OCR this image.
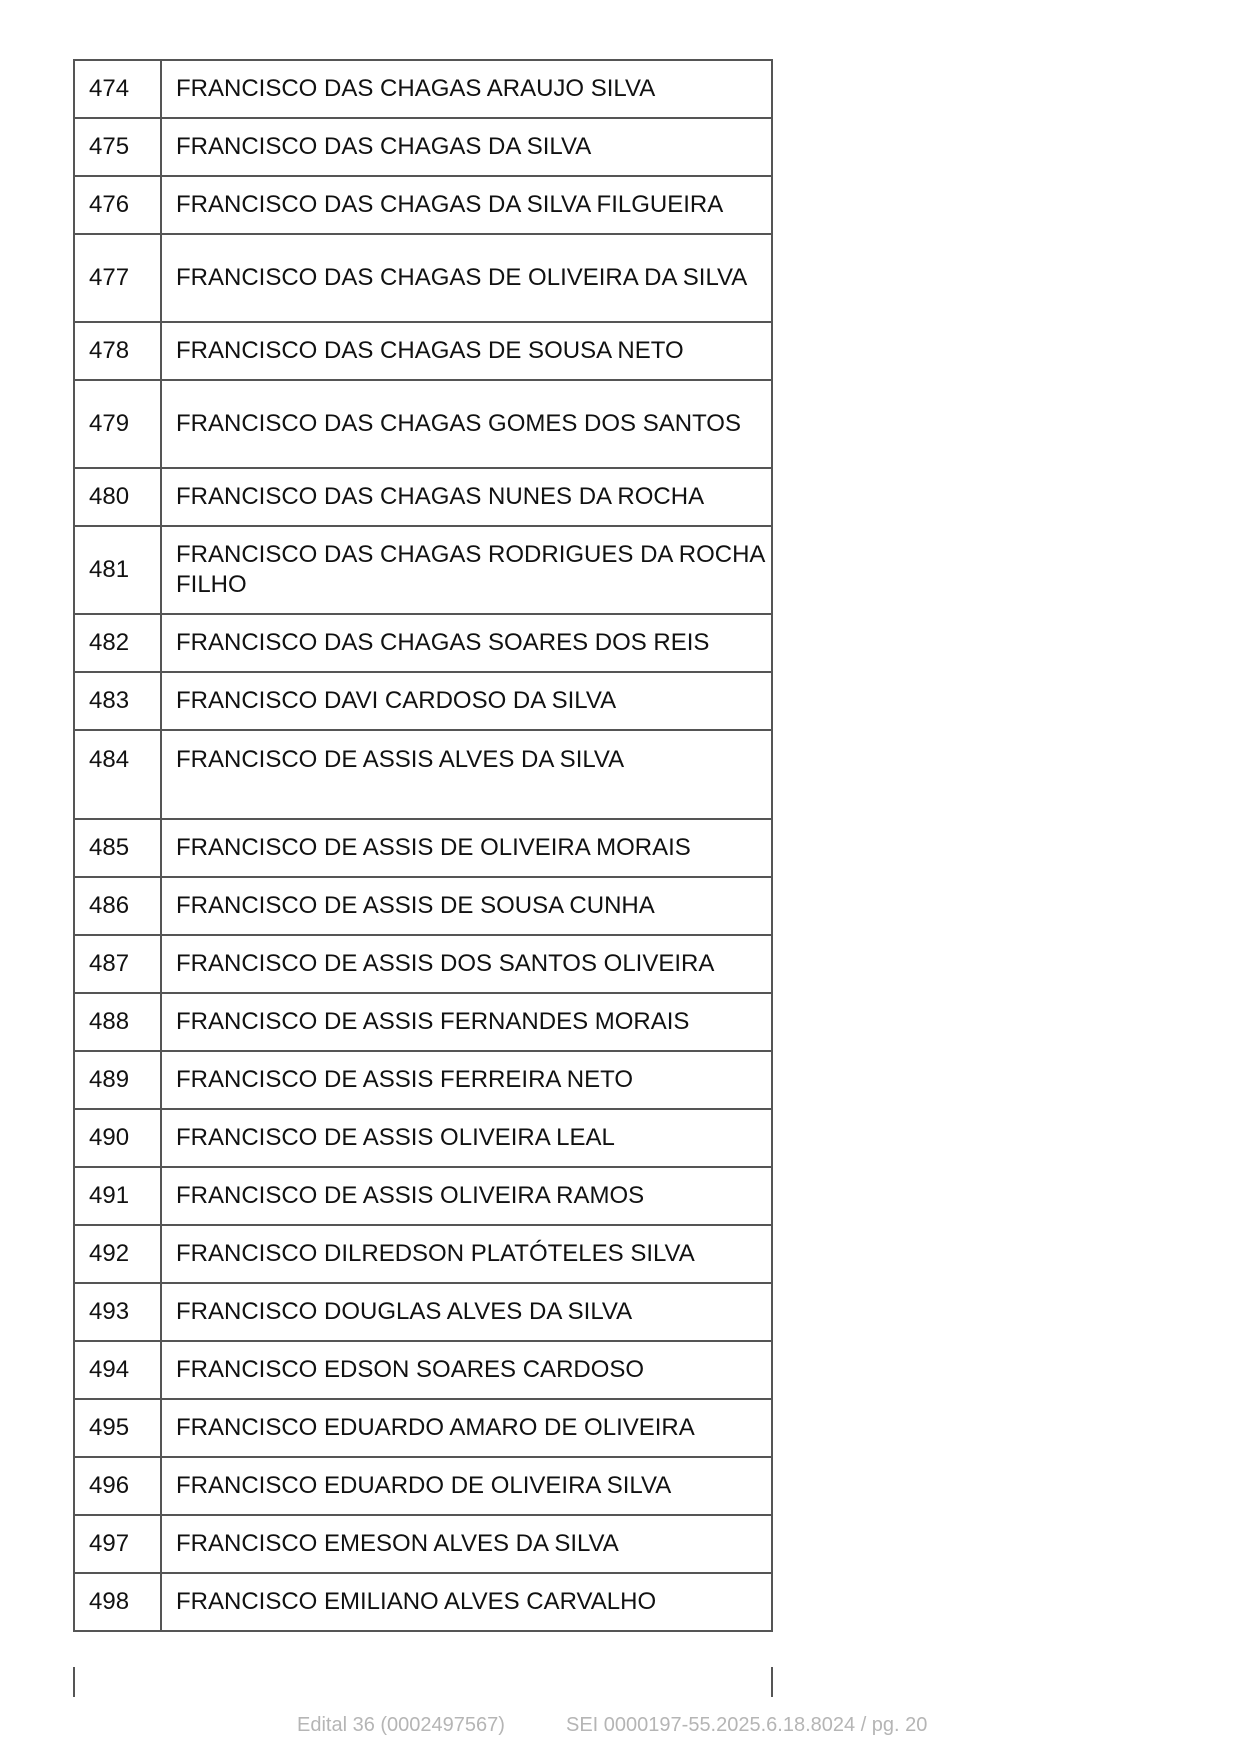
474	FRANCISCO DAS CHAGAS ARAUJO SILVA
475	FRANCISCO DAS CHAGAS DA SILVA
476	FRANCISCO DAS CHAGAS DA SILVA FILGUEIRA
477	FRANCISCO DAS CHAGAS DE OLIVEIRA DA SILVA
478	FRANCISCO DAS CHAGAS DE SOUSA NETO
479	FRANCISCO DAS CHAGAS GOMES DOS SANTOS
480	FRANCISCO DAS CHAGAS NUNES DA ROCHA
481	FRANCISCO DAS CHAGAS RODRIGUES DA ROCHA FILHO
482	FRANCISCO DAS CHAGAS SOARES DOS REIS
483	FRANCISCO DAVI CARDOSO DA SILVA
484	FRANCISCO DE ASSIS ALVES DA SILVA
485	FRANCISCO DE ASSIS DE OLIVEIRA MORAIS
486	FRANCISCO DE ASSIS DE SOUSA CUNHA
487	FRANCISCO DE ASSIS DOS SANTOS OLIVEIRA
488	FRANCISCO DE ASSIS FERNANDES MORAIS
489	FRANCISCO DE ASSIS FERREIRA NETO
490	FRANCISCO DE ASSIS OLIVEIRA LEAL
491	FRANCISCO DE ASSIS OLIVEIRA RAMOS
492	FRANCISCO DILREDSON PLATÓTELES SILVA
493	FRANCISCO DOUGLAS ALVES DA SILVA
494	FRANCISCO EDSON SOARES CARDOSO
495	FRANCISCO EDUARDO AMARO DE OLIVEIRA
496	FRANCISCO EDUARDO DE OLIVEIRA SILVA
497	FRANCISCO EMESON ALVES DA SILVA
498	FRANCISCO EMILIANO ALVES CARVALHO
Edital 36 (0002497567)	SEI 0000197-55.2025.6.18.8024 / pg. 20
